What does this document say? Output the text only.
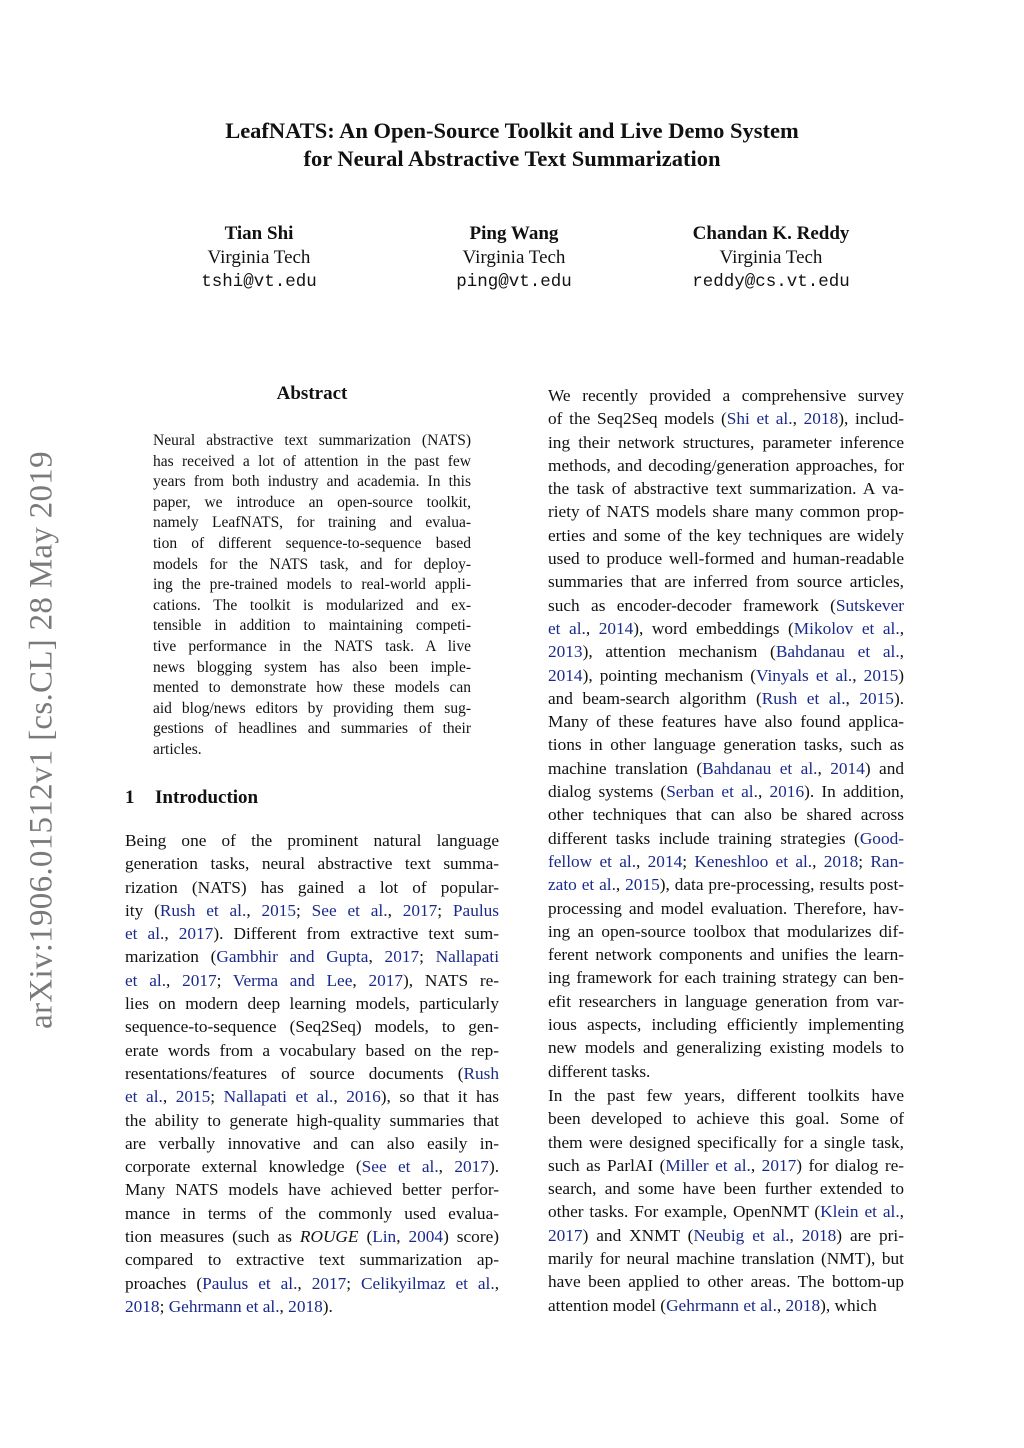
LeafNATS: An Open-Source Toolkit and Live Demo System
for Neural Abstractive Text Summarization
Tian Shi
Virginia Tech
tshi@vt.edu
Ping Wang
Virginia Tech
ping@vt.edu
Chandan K. Reddy
Virginia Tech
reddy@cs.vt.edu
arXiv:1906.01512v1 [cs.CL] 28 May 2019
Abstract
Neural abstractive text summarization (NATS)
has received a lot of attention in the past few
years from both industry and academia. In this
paper, we introduce an open-source toolkit,
namely LeafNATS, for training and evalua-
tion of different sequence-to-sequence based
models for the NATS task, and for deploy-
ing the pre-trained models to real-world appli-
cations. The toolkit is modularized and ex-
tensible in addition to maintaining competi-
tive performance in the NATS task. A live
news blogging system has also been imple-
mented to demonstrate how these models can
aid blog/news editors by providing them sug-
gestions of headlines and summaries of their
articles.
1 Introduction
Being one of the prominent natural language
generation tasks, neural abstractive text summa-
rization (NATS) has gained a lot of popular-
ity (Rush et al., 2015; See et al., 2017; Paulus
et al., 2017). Different from extractive text sum-
marization (Gambhir and Gupta, 2017; Nallapati
et al., 2017; Verma and Lee, 2017), NATS re-
lies on modern deep learning models, particularly
sequence-to-sequence (Seq2Seq) models, to gen-
erate words from a vocabulary based on the rep-
resentations/features of source documents (Rush
et al., 2015; Nallapati et al., 2016), so that it has
the ability to generate high-quality summaries that
are verbally innovative and can also easily in-
corporate external knowledge (See et al., 2017).
Many NATS models have achieved better perfor-
mance in terms of the commonly used evalua-
tion measures (such as ROUGE (Lin, 2004) score)
compared to extractive text summarization ap-
proaches (Paulus et al., 2017; Celikyilmaz et al.,
2018; Gehrmann et al., 2018).
We recently provided a comprehensive survey
of the Seq2Seq models (Shi et al., 2018), includ-
ing their network structures, parameter inference
methods, and decoding/generation approaches, for
the task of abstractive text summarization. A va-
riety of NATS models share many common prop-
erties and some of the key techniques are widely
used to produce well-formed and human-readable
summaries that are inferred from source articles,
such as encoder-decoder framework (Sutskever
et al., 2014), word embeddings (Mikolov et al.,
2013), attention mechanism (Bahdanau et al.,
2014), pointing mechanism (Vinyals et al., 2015)
and beam-search algorithm (Rush et al., 2015).
Many of these features have also found applica-
tions in other language generation tasks, such as
machine translation (Bahdanau et al., 2014) and
dialog systems (Serban et al., 2016). In addition,
other techniques that can also be shared across
different tasks include training strategies (Good-
fellow et al., 2014; Keneshloo et al., 2018; Ran-
zato et al., 2015), data pre-processing, results post-
processing and model evaluation. Therefore, hav-
ing an open-source toolbox that modularizes dif-
ferent network components and unifies the learn-
ing framework for each training strategy can ben-
efit researchers in language generation from var-
ious aspects, including efficiently implementing
new models and generalizing existing models to
different tasks.
In the past few years, different toolkits have
been developed to achieve this goal. Some of
them were designed specifically for a single task,
such as ParlAI (Miller et al., 2017) for dialog re-
search, and some have been further extended to
other tasks. For example, OpenNMT (Klein et al.,
2017) and XNMT (Neubig et al., 2018) are pri-
marily for neural machine translation (NMT), but
have been applied to other areas. The bottom-up
attention model (Gehrmann et al., 2018), which
